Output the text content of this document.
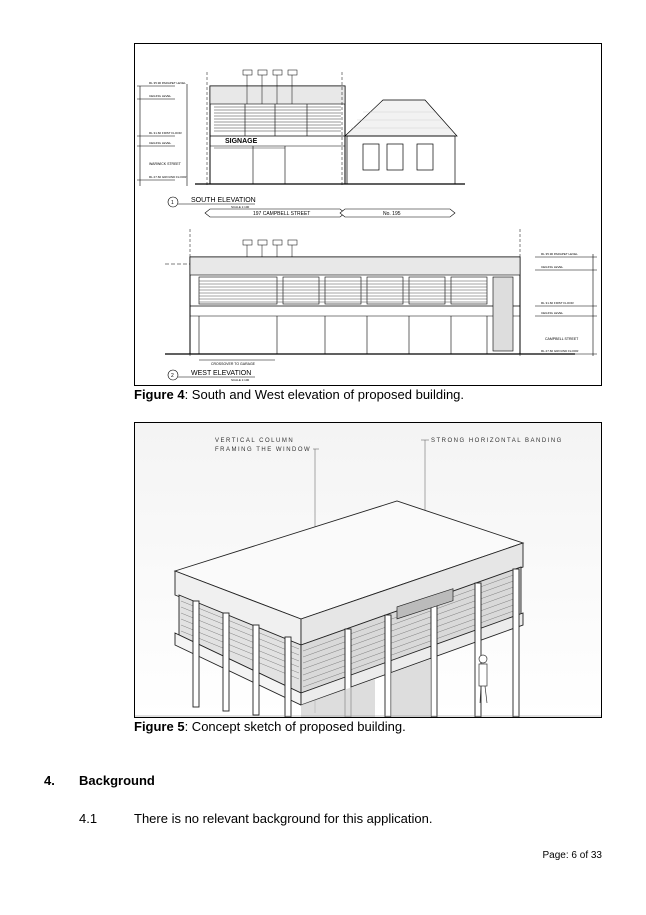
RL 35.90 PARAPET LEVEL
CEILING LEVEL
RL 31.60 FIRST FLOOR
CEILING LEVEL
RL 27.60 GROUND FLOOR
WARWICK STREET
SIGNAGE
1 SOUTH ELEVATION
SCALE 1:100
197 CAMPBELL STREET	No. 195
RL 35.90 PARAPET LEVEL
CEILING LEVEL
RL 31.60 FIRST FLOOR
CEILING LEVEL
RL 27.60 GROUND FLOOR
CAMPBELL STREET
CROSSOVER TO GARAGE
2 WEST ELEVATION
SCALE 1:100
Figure 4: South and West elevation of proposed building.
VERTICAL COLUMN
FRAMING THE WINDOW
STRONG HORIZONTAL BANDING
Figure 5: Concept sketch of proposed building.
4. Background
4.1	There is no relevant background for this application.
Page: 6 of 33
